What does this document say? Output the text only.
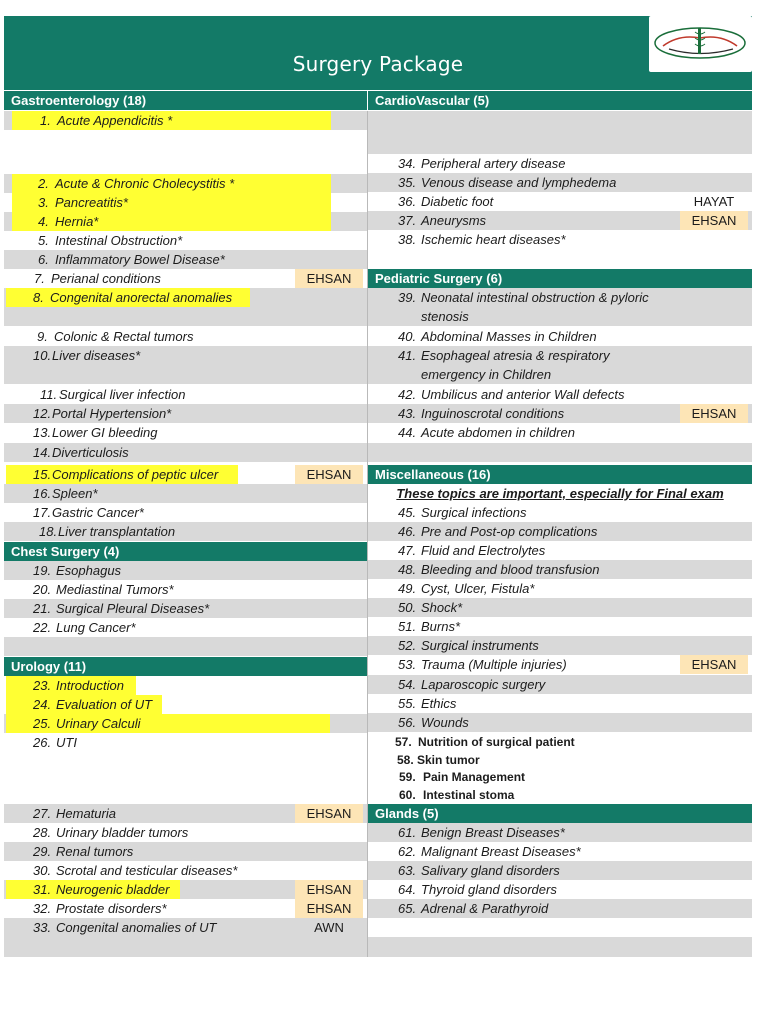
Surgery Package
Gastroenterology (18)
1. Acute Appendicitis *
2. Acute & Chronic Cholecystitis *
3. Pancreatitis*
4. Hernia*
5. Intestinal Obstruction*
6. Inflammatory Bowel Disease*
7. Perianal conditions	EHSAN
8. Congenital anorectal anomalies
9. Colonic & Rectal tumors
10. Liver diseases*
11. Surgical liver infection
12. Portal Hypertension*
13. Lower GI bleeding
14. Diverticulosis
15. Complications of peptic ulcer	EHSAN
16. Spleen*
17. Gastric Cancer*
18. Liver transplantation
Chest Surgery (4)
19. Esophagus
20. Mediastinal Tumors*
21. Surgical Pleural Diseases*
22. Lung Cancer*
Urology (11)
23. Introduction
24. Evaluation of UT
25. Urinary Calculi
26. UTI
27. Hematuria	EHSAN
28. Urinary bladder tumors
29. Renal tumors
30. Scrotal and testicular diseases*
31. Neurogenic bladder	EHSAN
32. Prostate disorders*	EHSAN
33. Congenital anomalies of UT	AWN
CardioVascular (5)
34. Peripheral artery disease
35. Venous disease and lymphedema
36. Diabetic foot	HAYAT
37. Aneurysms	EHSAN
38. Ischemic heart diseases*
Pediatric Surgery (6)
39. Neonatal intestinal obstruction & pyloric
stenosis
40. Abdominal Masses in Children
41. Esophageal atresia & respiratory
emergency in Children
42. Umbilicus and anterior Wall defects
43. Inguinoscrotal conditions	EHSAN
44. Acute abdomen in children
Miscellaneous (16)
These topics are important, especially for Final exam
45. Surgical infections
46. Pre and Post-op complications
47. Fluid and Electrolytes
48. Bleeding and blood transfusion
49. Cyst, Ulcer, Fistula*
50. Shock*
51. Burns*
52. Surgical instruments
53. Trauma (Multiple injuries)	EHSAN
54. Laparoscopic surgery
55. Ethics
56. Wounds
57. Nutrition of surgical patient
58. Skin tumor
59. Pain Management
60. Intestinal stoma
Glands (5)
61. Benign Breast Diseases*
62. Malignant Breast Diseases*
63. Salivary gland disorders
64. Thyroid gland disorders
65. Adrenal & Parathyroid
